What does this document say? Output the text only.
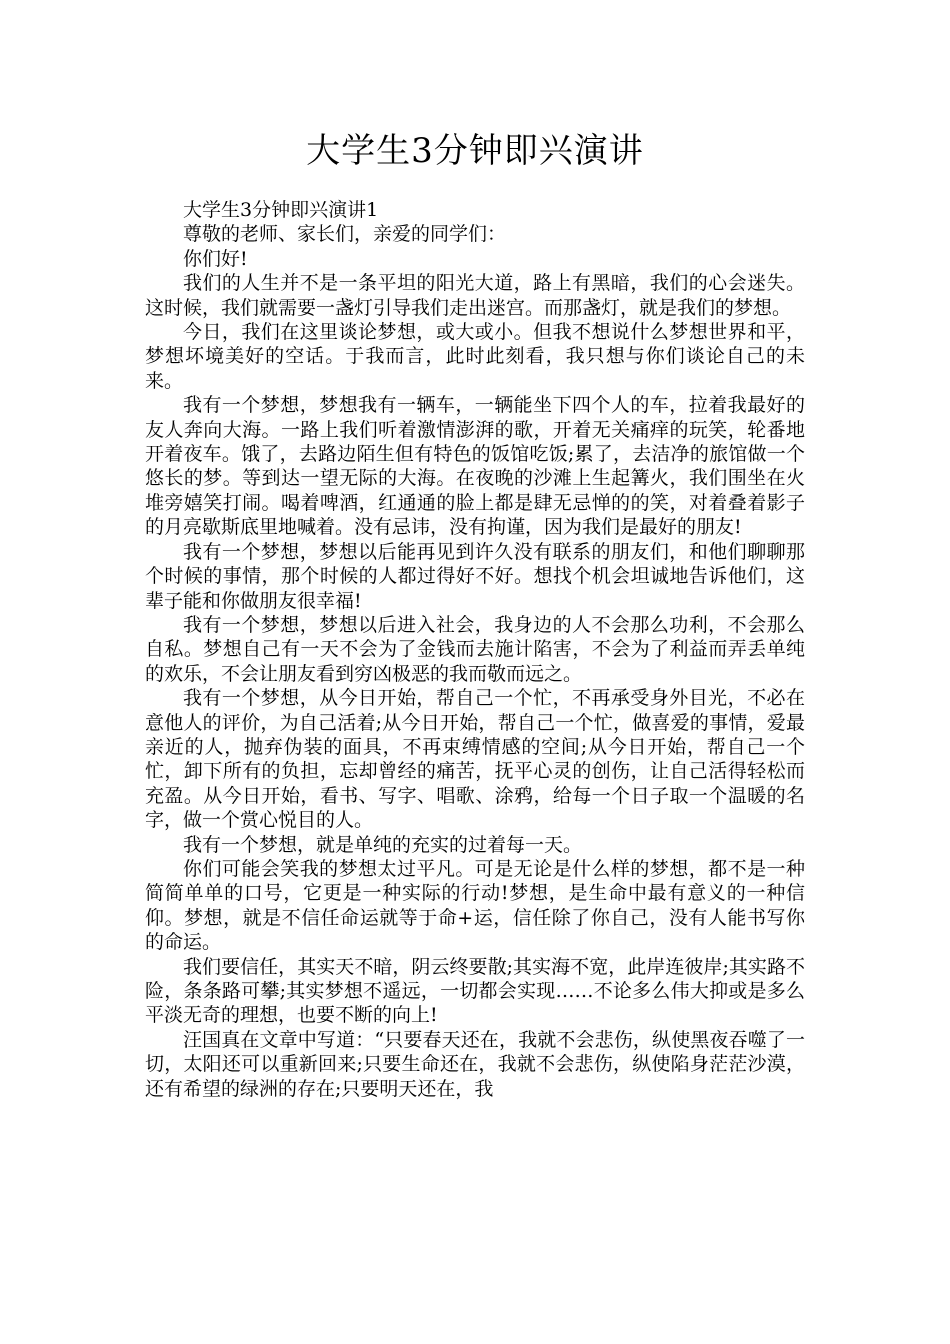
大学生3分钟即兴演讲

大学生3分钟即兴演讲1

尊敬的老师、家长们，亲爱的同学们：

你们好!

我们的人生并不是一条平坦的阳光大道，路上有黑暗，我们的心会迷失。这时候，我们就需要一盏灯引导我们走出迷宫。而那盏灯，就是我们的梦想。

今日，我们在这里谈论梦想，或大或小。但我不想说什么梦想世界和平，梦想坏境美好的空话。于我而言，此时此刻看，我只想与你们谈论自己的未来。

我有一个梦想，梦想我有一辆车，一辆能坐下四个人的车，拉着我最好的友人奔向大海。一路上我们听着激情澎湃的歌，开着无关痛痒的玩笑，轮番地开着夜车。饿了，去路边陌生但有特色的饭馆吃饭;累了，去洁净的旅馆做一个悠长的梦。等到达一望无际的大海。在夜晚的沙滩上生起篝火，我们围坐在火堆旁嬉笑打闹。喝着啤酒，红通通的脸上都是肆无忌惮的的笑，对着叠着影子的月亮歇斯底里地喊着。没有忌讳，没有拘谨，因为我们是最好的朋友!

我有一个梦想，梦想以后能再见到许久没有联系的朋友们，和他们聊聊那个时候的事情，那个时候的人都过得好不好。想找个机会坦诚地告诉他们，这辈子能和你做朋友很幸福!

我有一个梦想，梦想以后进入社会，我身边的人不会那么功利，不会那么自私。梦想自己有一天不会为了金钱而去施计陷害，不会为了利益而弄丢单纯的欢乐，不会让朋友看到穷凶极恶的我而敬而远之。

我有一个梦想，从今日开始，帮自己一个忙，不再承受身外目光，不必在意他人的评价，为自己活着;从今日开始，帮自己一个忙，做喜爱的事情，爱最亲近的人，抛弃伪装的面具，不再束缚情感的空间;从今日开始，帮自己一个忙，卸下所有的负担，忘却曾经的痛苦，抚平心灵的创伤，让自己活得轻松而充盈。从今日开始，看书、写字、唱歌、涂鸦，给每一个日子取一个温暖的名字，做一个赏心悦目的人。

我有一个梦想，就是单纯的充实的过着每一天。

你们可能会笑我的梦想太过平凡。可是无论是什么样的梦想，都不是一种简简单单的口号，它更是一种实际的行动!梦想，是生命中最有意义的一种信仰。梦想，就是不信任命运就等于命+运，信任除了你自己，没有人能书写你的命运。

我们要信任，其实天不暗，阴云终要散;其实海不宽，此岸连彼岸;其实路不险，条条路可攀;其实梦想不遥远，一切都会实现……不论多么伟大抑或是多么平淡无奇的理想，也要不断的向上!

汪国真在文章中写道：“只要春天还在，我就不会悲伤，纵使黑夜吞噬了一切，太阳还可以重新回来;只要生命还在，我就不会悲伤，纵使陷身茫茫沙漠，还有希望的绿洲的存在;只要明天还在，我
